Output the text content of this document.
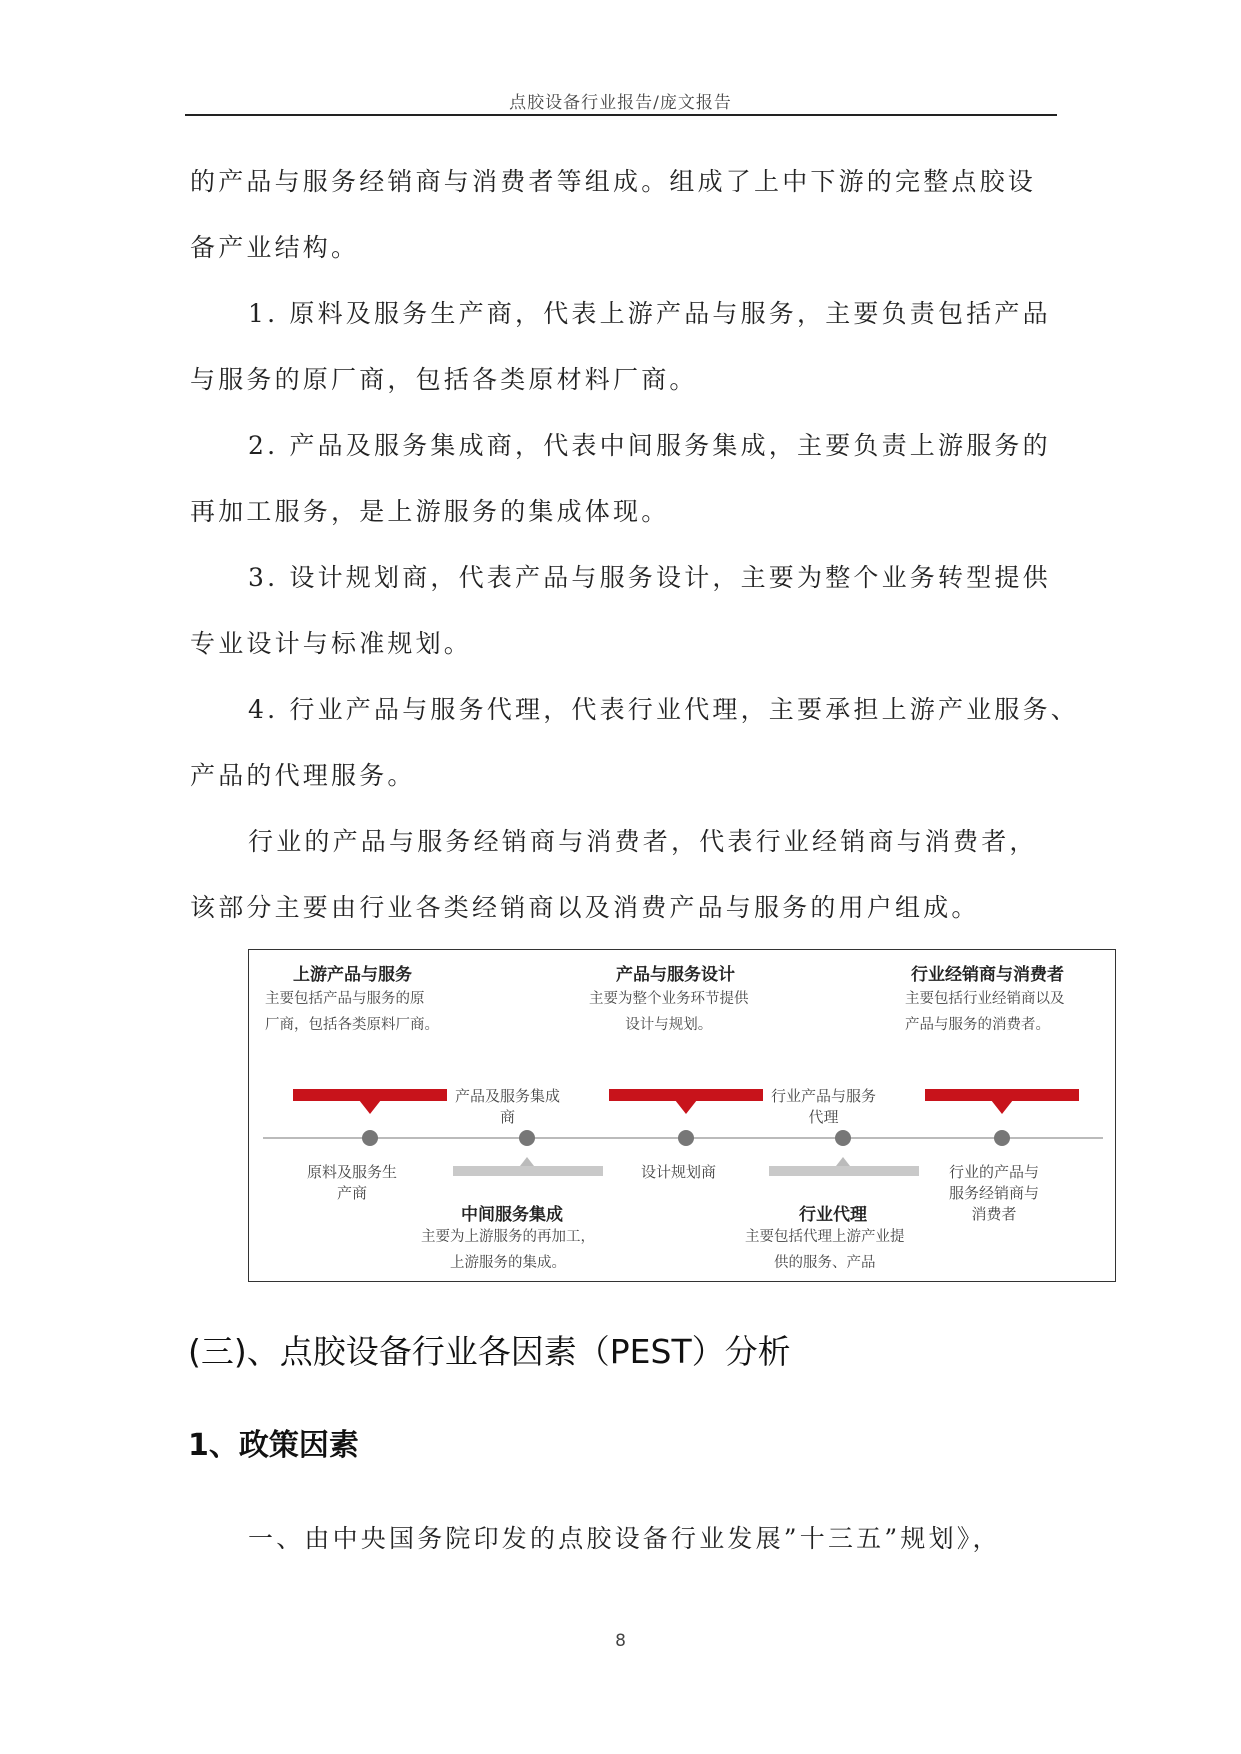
点胶设备行业报告/庞文报告
的产品与服务经销商与消费者等组成。组成了上中下游的完整点胶设
备产业结构。
1. 原料及服务生产商，代表上游产品与服务，主要负责包括产品
与服务的原厂商，包括各类原材料厂商。
2. 产品及服务集成商，代表中间服务集成，主要负责上游服务的
再加工服务，是上游服务的集成体现。
3. 设计规划商，代表产品与服务设计，主要为整个业务转型提供
专业设计与标准规划。
4. 行业产品与服务代理，代表行业代理，主要承担上游产业服务、
产品的代理服务。
行业的产品与服务经销商与消费者，代表行业经销商与消费者，
该部分主要由行业各类经销商以及消费产品与服务的用户组成。
上游产品与服务
主要包括产品与服务的原
厂商，包括各类原料厂商。
产品与服务设计
主要为整个业务环节提供
设计与规划。
行业经销商与消费者
主要包括行业经销商以及
产品与服务的消费者。
产品及服务集成
商
行业产品与服务
代理
原料及服务生
产商
设计规划商	行业的产品与
服务经销商与
消费者
中间服务集成
主要为上游服务的再加工，
上游服务的集成。
行业代理
主要包括代理上游产业提
供的服务、产品
(三)、点胶设备行业各因素（PEST）分析
1、政策因素
一、由中央国务院印发的点胶设备行业发展”十三五”规划》，
8
